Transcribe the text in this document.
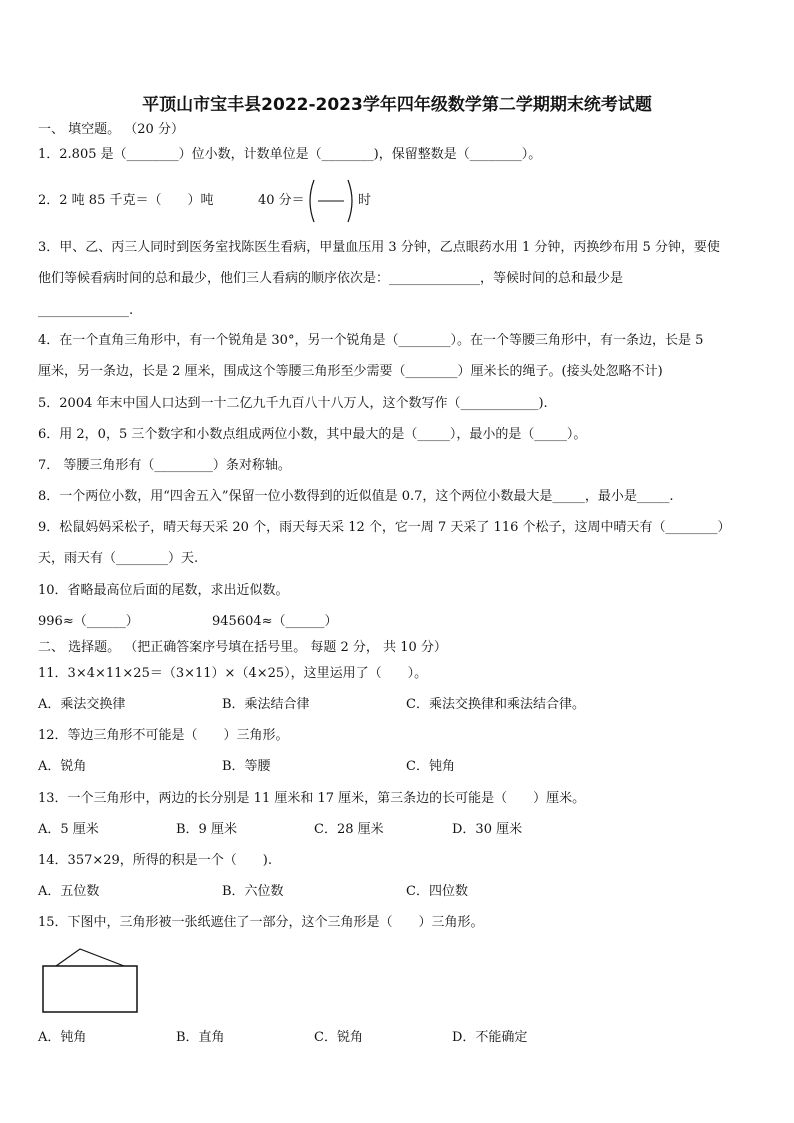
平顶山市宝丰县2022-2023学年四年级数学第二学期期末统考试题
一、 填空题。 （20 分）
1．2.805 是（________）位小数，计数单位是（________)，保留整数是（________）。
2．2 吨 85 千克＝（　　）吨	40 分＝	时
3．甲、乙、丙三人同时到医务室找陈医生看病，甲量血压用 3 分钟，乙点眼药水用 1 分钟，丙换纱布用 5 分钟，要使
他们等候看病时间的总和最少，他们三人看病的顺序依次是：______________，等候时间的总和最少是
______________.
4．在一个直角三角形中，有一个锐角是 30°，另一个锐角是（________）。在一个等腰三角形中，有一条边，长是 5
厘米，另一条边，长是 2 厘米，围成这个等腰三角形至少需要（________）厘米长的绳子。(接头处忽略不计)
5．2004 年末中国人口达到一十二亿九千九百八十八万人，这个数写作（____________).
6．用 2，0，5 三个数字和小数点组成两位小数，其中最大的是（_____），最小的是（_____）。
7． 等腰三角形有（_________）条对称轴。
8．一个两位小数，用“四舍五入”保留一位小数得到的近似值是 0.7，这个两位小数最大是_____，最小是_____.
9．松鼠妈妈采松子，晴天每天采 20 个，雨天每天采 12 个，它一周 7 天采了 116 个松子，这周中晴天有（________）
天，雨天有（________）天.
10．省略最高位后面的尾数，求出近似数。
996≈（______）	945604≈（______）
二、 选择题。 （把正确答案序号填在括号里。 每题 2 分， 共 10 分）
11．3×4×11×25＝（3×11）×（4×25），这里运用了（　　）。
A．乘法交换律	B．乘法结合律	C．乘法交换律和乘法结合律。
12．等边三角形不可能是（　　）三角形。
A．锐角	B．等腰	C．钝角
13．一个三角形中，两边的长分别是 11 厘米和 17 厘米，第三条边的长可能是（　　）厘米。
A．5 厘米	B．9 厘米	C．28 厘米	D．30 厘米
14．357×29，所得的积是一个（　　).
A．五位数	B．六位数	C．四位数
15．下图中，三角形被一张纸遮住了一部分，这个三角形是（　　）三角形。
A．钝角	B．直角	C．锐角	D．不能确定
